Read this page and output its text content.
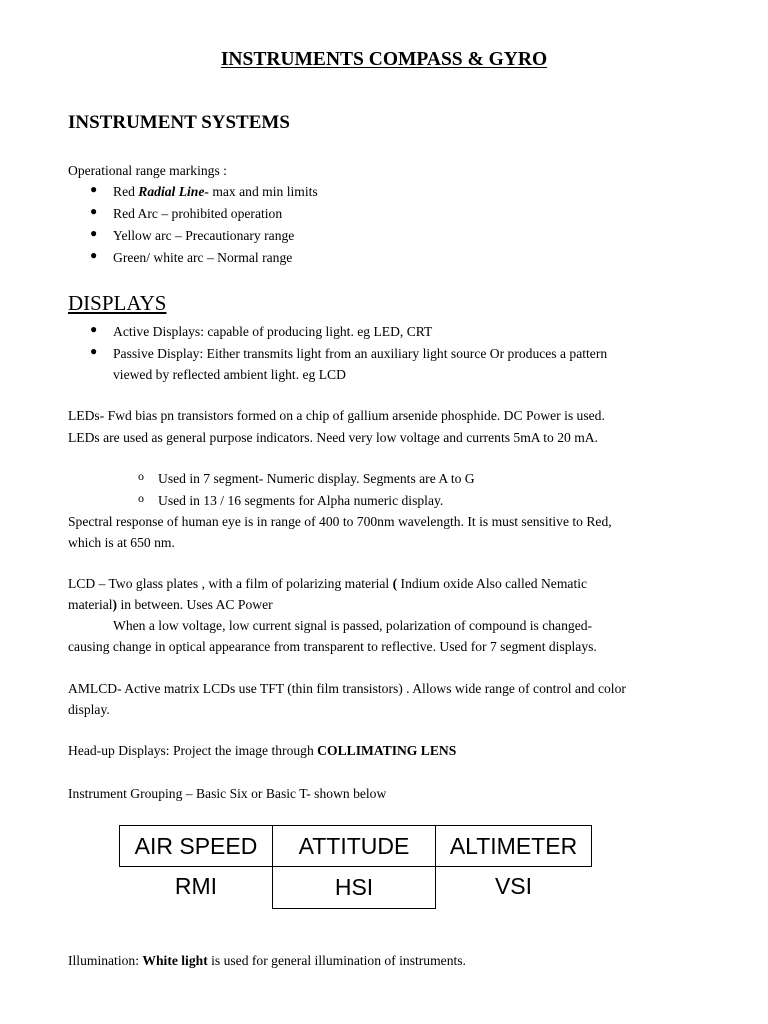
INSTRUMENTS COMPASS & GYRO
INSTRUMENT SYSTEMS
Operational range markings :
● Red Radial Line- max and min limits
● Red Arc – prohibited operation
● Yellow arc – Precautionary range
● Green/ white arc – Normal range
DISPLAYS
● Active Displays: capable of producing light. eg LED, CRT
● Passive Display: Either transmits light from an auxiliary light source Or produces a pattern
viewed by reflected ambient light. eg LCD
LEDs- Fwd bias pn transistors formed on a chip of gallium arsenide phosphide. DC Power is used.
LEDs are used as general purpose indicators. Need very low voltage and currents 5mA to 20 mA.
o Used in 7 segment- Numeric display. Segments are A to G
o Used in 13 / 16 segments for Alpha numeric display.
Spectral response of human eye is in range of 400 to 700nm wavelength. It is must sensitive to Red,
which is at 650 nm.
LCD – Two glass plates , with a film of polarizing material ( Indium oxide Also called Nematic
material) in between. Uses AC Power
When a low voltage, low current signal is passed, polarization of compound is changed-
causing change in optical appearance from transparent to reflective. Used for 7 segment displays.
AMLCD- Active matrix LCDs use TFT (thin film transistors) . Allows wide range of control and color
display.
Head-up Displays: Project the image through COLLIMATING LENS
Instrument Grouping – Basic Six or Basic T- shown below
AIR SPEED	ATTITUDE	ALTIMETER
RMI	HSI	VSI
Illumination: White light is used for general illumination of instruments.
